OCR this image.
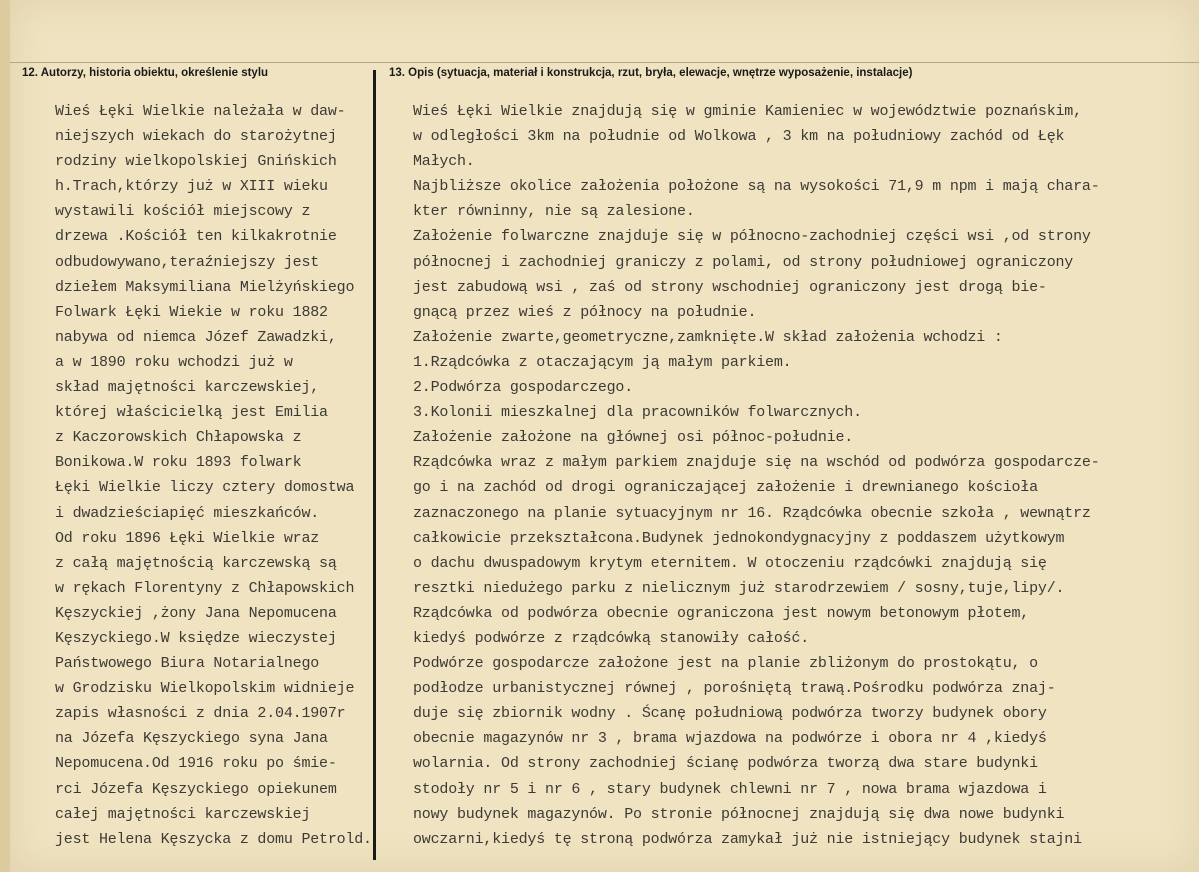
12. Autorzy, historia obiektu, określenie stylu	13. Opis (sytuacja, materiał i konstrukcja, rzut, bryła, elewacje, wnętrze wyposażenie, instalacje)
Wieś Łęki Wielkie należała w daw-
niejszych wiekach do starożytnej
rodziny wielkopolskiej Gnińskich
h.Trach,którzy już w XIII wieku
wystawili kościół miejscowy z
drzewa .Kościół ten kilkakrotnie
odbudowywano,teraźniejszy jest
dziełem Maksymiliana Mielżyńskiego
Folwark Łęki Wiekie w roku 1882
nabywa od niemca Józef Zawadzki,
a w 1890 roku wchodzi już w
skład majętności karczewskiej,
której właścicielką jest Emilia
z Kaczorowskich Chłapowska z
Bonikowa.W roku 1893 folwark
Łęki Wielkie liczy cztery domostwa
i dwadzieściapięć mieszkańców.
Od roku 1896 Łęki Wielkie wraz
z całą majętnością karczewską są
w rękach Florentyny z Chłapowskich
Kęszyckiej ,żony Jana Nepomucena
Kęszyckiego.W księdze wieczystej
Państwowego Biura Notarialnego
w Grodzisku Wielkopolskim widnieje
zapis własności z dnia 2.04.1907r
na Józefa Kęszyckiego syna Jana
Nepomucena.Od 1916 roku po śmie-
rci Józefa Kęszyckiego opiekunem
całej majętności karczewskiej
jest Helena Kęszycka z domu Petrold.
Wieś Łęki Wielkie znajdują się w gminie Kamieniec w województwie poznańskim,
w odległości 3km na południe od Wolkowa , 3 km na południowy zachód od Łęk
Małych.
Najbliższe okolice założenia położone są na wysokości 71,9 m npm i mają chara-
kter równinny, nie są zalesione.
Założenie folwarczne znajduje się w północno-zachodniej części wsi ,od strony
północnej i zachodniej graniczy z polami, od strony południowej ograniczony
jest zabudową wsi , zaś od strony wschodniej ograniczony jest drogą bie-
gnącą przez wieś z północy na południe.
Założenie zwarte,geometryczne,zamknięte.W skład założenia wchodzi :
1.Rządcówka z otaczającym ją małym parkiem.
2.Podwórza gospodarczego.
3.Kolonii mieszkalnej dla pracowników folwarcznych.
Założenie założone na głównej osi północ-południe.
Rządcówka wraz z małym parkiem znajduje się na wschód od podwórza gospodarcze-
go i na zachód od drogi ograniczającej założenie i drewnianego kościoła
zaznaczonego na planie sytuacyjnym nr 16. Rządcówka obecnie szkoła , wewnątrz
całkowicie przekształcona.Budynek jednokondygnacyjny z poddaszem użytkowym
o dachu dwuspadowym krytym eternitem. W otoczeniu rządcówki znajdują się
resztki niedużego parku z nielicznym już starodrzewiem / sosny,tuje,lipy/.
Rządcówka od podwórza obecnie ograniczona jest nowym betonowym płotem,
kiedyś podwórze z rządcówką stanowiły całość.
Podwórze gospodarcze założone jest na planie zbliżonym do prostokątu, o
podłodze urbanistycznej równej , porośniętą trawą.Pośrodku podwórza znaj-
duje się zbiornik wodny . Ścanę południową podwórza tworzy budynek obory
obecnie magazynów nr 3 , brama wjazdowa na podwórze i obora nr 4 ,kiedyś
wolarnia. Od strony zachodniej ścianę podwórza tworzą dwa stare budynki
stodoły nr 5 i nr 6 , stary budynek chlewni nr 7 , nowa brama wjazdowa i
nowy budynek magazynów. Po stronie północnej znajdują się dwa nowe budynki
owczarni,kiedyś tę stroną podwórza zamykał już nie istniejący budynek stajni
